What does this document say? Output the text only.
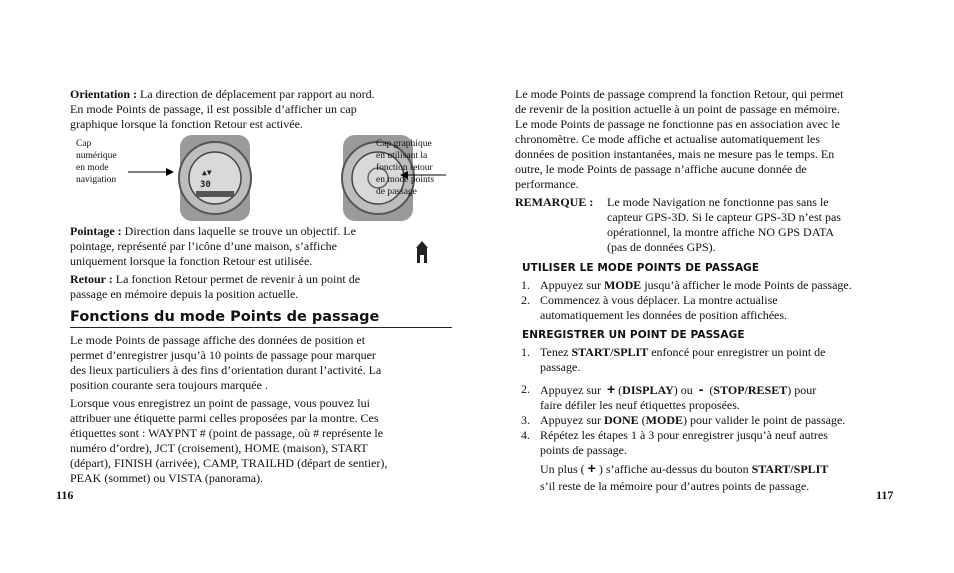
Orientation : La direction de déplacement par rapport au nord.

En mode Points de passage, il est possible d’afficher un cap

graphique lorsque la fonction Retour est activée.

Cap

numérique

en mode

navigation

▲▼
30

Cap graphique

en utilisant la

fonction retour

en mode points

de passage

Pointage : Direction dans laquelle se trouve un objectif. Le

pointage, représenté par l’icône d’une maison, s’affiche

uniquement lorsque la fonction Retour est utilisée.

Retour : La fonction Retour permet de revenir à un point de

passage en mémoire depuis la position actuelle.

Fonctions du mode Points de passage

Le mode Points de passage affiche des données de position et

permet d’enregistrer jusqu’à 10 points de passage pour marquer

des lieux particuliers à des fins d’orientation durant l’activité. La

position courante sera toujours marquée .

Lorsque vous enregistrez un point de passage, vous pouvez lui

attribuer une étiquette parmi celles proposées par la montre. Ces

étiquettes sont : WAYPNT # (point de passage, où # représente le

numéro d’ordre), JCT (croisement), HOME (maison), START

(départ), FINISH (arrivée), CAMP, TRAILHD (départ de sentier),

PEAK (sommet) ou VISTA (panorama).

116

Le mode Points de passage comprend la fonction Retour, qui permet

de revenir de la position actuelle à un point de passage en mémoire.

Le mode Points de passage ne fonctionne pas en association avec le

chronomètre. Ce mode affiche et actualise automatiquement les

données de position instantanées, mais ne mesure pas le temps. En

outre, le mode Points de passage n’affiche aucune donnée de

performance.

REMARQUE : Le mode Navigation ne fonctionne pas sans le

capteur GPS-3D. Si le capteur GPS-3D n’est pas

opérationnel, la montre affiche NO GPS DATA

(pas de données GPS).

UTILISER LE MODE POINTS DE PASSAGE
1. Appuyez sur MODE jusqu’à afficher le mode Points de passage.
2. Commencez à vous déplacer. La montre actualise
automatiquement les données de position affichées.
ENREGISTRER UN POINT DE PASSAGE
1. Tenez START/SPLIT enfoncé pour enregistrer un point de
passage.
2. Appuyez sur  + (DISPLAY) ou  -  (STOP/RESET) pour
faire défiler les neuf étiquettes proposées.
3. Appuyez sur DONE (MODE) pour valider le point de passage.
4. Répétez les étapes 1 à 3 pour enregistrer jusqu’à neuf autres
points de passage.
Un plus ( + ) s’affiche au-dessus du bouton START/SPLIT
s’il reste de la mémoire pour d’autres points de passage.
117
